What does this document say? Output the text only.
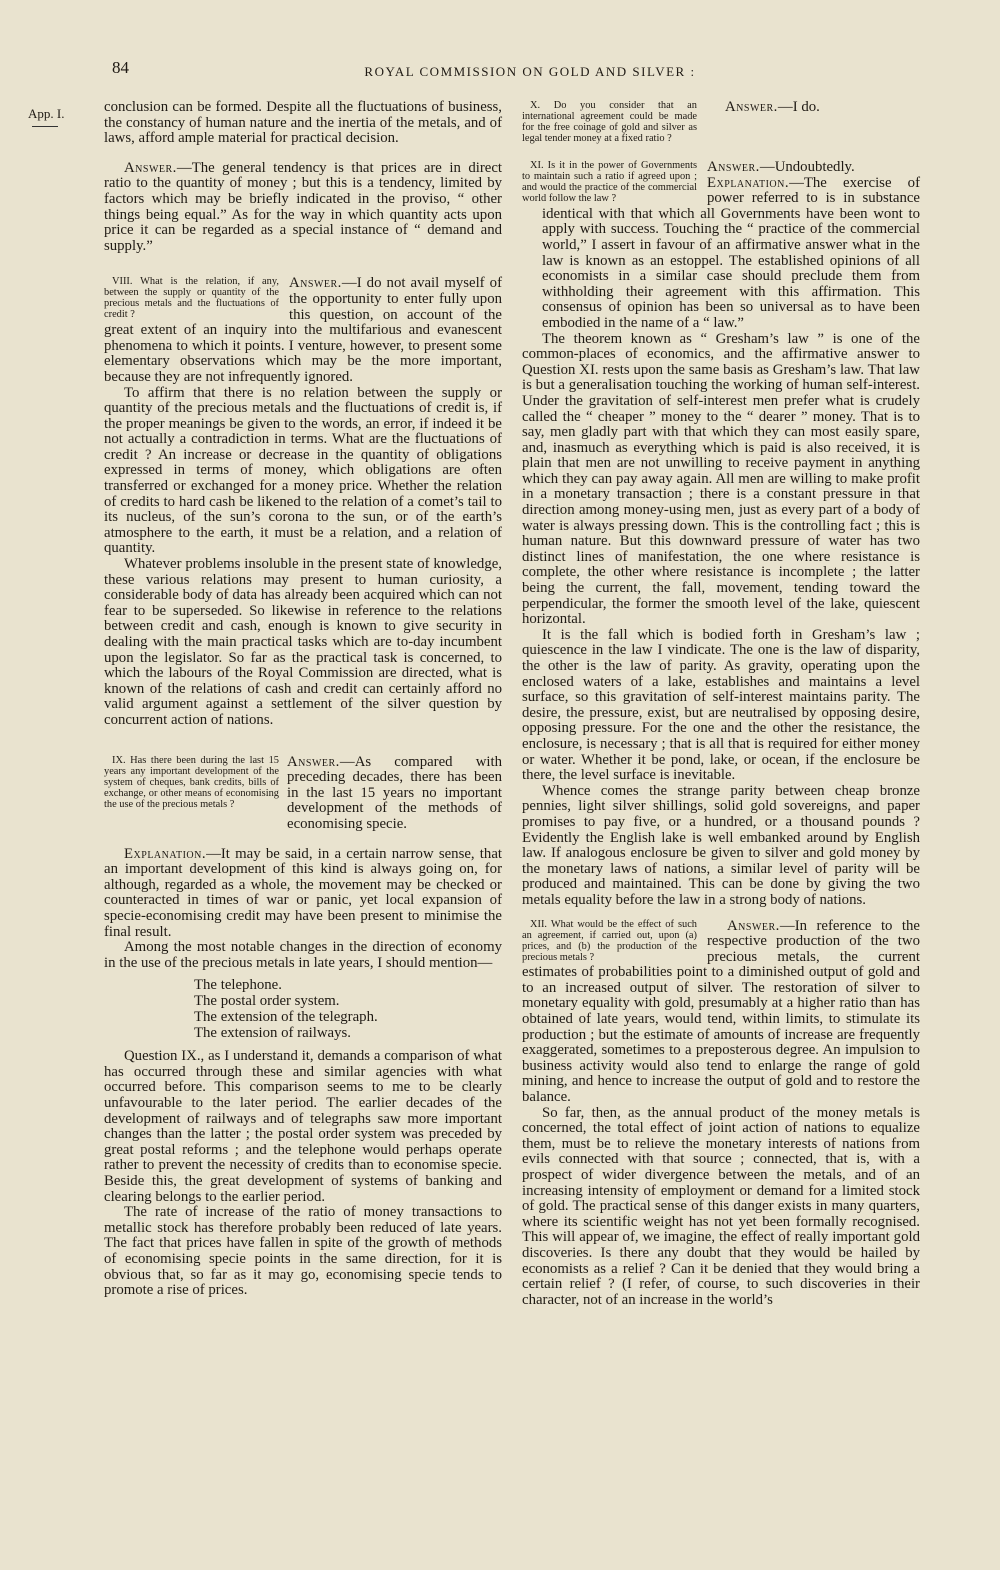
84	ROYAL COMMISSION ON GOLD AND SILVER :
App. I.	conclusion can be formed. Despite all the fluctuations of business, the constancy of human nature and the inertia of the metals, and of laws, afford ample material for practical decision.

Answer.—The general tendency is that prices are in direct ratio to the quantity of money ; but this is a tendency, limited by factors which may be briefly indicated in the proviso, “ other things being equal.” As for the way in which quantity acts upon price it can be regarded as a special instance of “ demand and supply.”

VIII. What is the relation, if any, between the supply or quantity of the precious metals and the fluctuations of credit ?

Answer.—I do not avail myself of the opportunity to enter fully upon this question, on account of the great extent of an inquiry into the multifarious and evanescent phenomena to which it points. I venture, however, to present some elementary observations which may be the more important, because they are not infrequently ignored.

To affirm that there is no relation between the supply or quantity of the precious metals and the fluctuations of credit is, if the proper meanings be given to the words, an error, if indeed it be not actually a contradiction in terms. What are the fluctuations of credit ? An increase or decrease in the quantity of obligations expressed in terms of money, which obligations are often transferred or exchanged for a money price. Whether the relation of credits to hard cash be likened to the relation of a comet’s tail to its nucleus, of the sun’s corona to the sun, or of the earth’s atmosphere to the earth, it must be a relation, and a relation of quantity.

Whatever problems insoluble in the present state of knowledge, these various relations may present to human curiosity, a considerable body of data has already been acquired which can not fear to be superseded. So likewise in reference to the relations between credit and cash, enough is known to give security in dealing with the main practical tasks which are to-day incumbent upon the legislator. So far as the practical task is concerned, to which the labours of the Royal Commission are directed, what is known of the relations of cash and credit can certainly afford no valid argument against a settlement of the silver question by concurrent action of nations.

IX. Has there been during the last 15 years any important development of the system of cheques, bank credits, bills of exchange, or other means of economising the use of the precious metals ?
Answer.—As compared with preceding decades, there has been in the last 15 years no important development of the methods of economising specie.

Explanation.—It may be said, in a certain narrow sense, that an important development of this kind is always going on, for although, regarded as a whole, the movement may be checked or counteracted in times of war or panic, yet local expansion of specie-economising credit may have been present to minimise the final result.

Among the most notable changes in the direction of economy in the use of the precious metals in late years, I should mention—

The telephone.
The postal order system.
The extension of the telegraph.
The extension of railways.

Question IX., as I understand it, demands a comparison of what has occurred through these and similar agencies with what occurred before. This comparison seems to me to be clearly unfavourable to the later period. The earlier decades of the development of railways and of telegraphs saw more important changes than the latter ; the postal order system was preceded by great postal reforms ; and the telephone would perhaps operate rather to prevent the necessity of credits than to economise specie. Beside this, the great development of systems of banking and clearing belongs to the earlier period.

The rate of increase of the ratio of money transactions to metallic stock has therefore probably been reduced of late years. The fact that prices have fallen in spite of the growth of methods of economising specie points in the same direction, for it is obvious that, so far as it may go, economising specie tends to promote a rise of prices.

X. Do you consider that an international agreement could be made for the free coinage of gold and silver as legal tender money at a fixed ratio ?
Answer.—I do.
XI. Is it in the power of Governments to maintain such a ratio if agreed upon ; and would the practice of the commercial world follow the law ?

Answer.—Undoubtedly.

Explanation.—The exercise of power referred to is in substance identical with that which all Governments have been wont to apply with success. Touching the “ practice of the commercial world,” I assert in favour of an affirmative answer what in the law is known as an estoppel. The established opinions of all economists in a similar case should preclude them from withholding their agreement with this affirmation. This consensus of opinion has been so universal as to have been embodied in the name of a “ law.”

The theorem known as “ Gresham’s law ” is one of the common-places of economics, and the affirmative answer to Question XI. rests upon the same basis as Gresham’s law. That law is but a generalisation touching the working of human self-interest. Under the gravitation of self-interest men prefer what is crudely called the “ cheaper ” money to the “ dearer ” money. That is to say, men gladly part with that which they can most easily spare, and, inasmuch as everything which is paid is also received, it is plain that men are not unwilling to receive payment in anything which they can pay away again. All men are willing to make profit in a monetary transaction ; there is a constant pressure in that direction among money-using men, just as every part of a body of water is always pressing down. This is the controlling fact ; this is human nature. But this downward pressure of water has two distinct lines of manifestation, the one where resistance is complete, the other where resistance is incomplete ; the latter being the current, the fall, movement, tending toward the perpendicular, the former the smooth level of the lake, quiescent horizontal.

It is the fall which is bodied forth in Gresham’s law ; quiescence in the law I vindicate. The one is the law of disparity, the other is the law of parity. As gravity, operating upon the enclosed waters of a lake, establishes and maintains a level surface, so this gravitation of self-interest maintains parity. The desire, the pressure, exist, but are neutralised by opposing desire, opposing pressure. For the one and the other the resistance, the enclosure, is necessary ; that is all that is required for either money or water. Whether it be pond, lake, or ocean, if the enclosure be there, the level surface is inevitable.

Whence comes the strange parity between cheap bronze pennies, light silver shillings, solid gold sovereigns, and paper promises to pay five, or a hundred, or a thousand pounds ? Evidently the English lake is well embanked around by English law. If analogous enclosure be given to silver and gold money by the monetary laws of nations, a similar level of parity will be produced and maintained. This can be done by giving the two metals equality before the law in a strong body of nations.

XII. What would be the effect of such an agreement, if carried out, upon (a) prices, and (b) the production of the precious metals ?

Answer.—In reference to the respective production of the two precious metals, the current estimates of probabilities point to a diminished output of gold and to an increased output of silver. The restoration of silver to monetary equality with gold, presumably at a higher ratio than has obtained of late years, would tend, within limits, to stimulate its production ; but the estimate of amounts of increase are frequently exaggerated, sometimes to a preposterous degree. An impulsion to business activity would also tend to enlarge the range of gold mining, and hence to increase the output of gold and to restore the balance.

So far, then, as the annual product of the money metals is concerned, the total effect of joint action of nations to equalize them, must be to relieve the monetary interests of nations from evils connected with that source ; connected, that is, with a prospect of wider divergence between the metals, and of an increasing intensity of employment or demand for a limited stock of gold. The practical sense of this danger exists in many quarters, where its scientific weight has not yet been formally recognised. This will appear of, we imagine, the effect of really important gold discoveries. Is there any doubt that they would be hailed by economists as a relief ? Can it be denied that they would bring a certain relief ? (I refer, of course, to such discoveries in their character, not of an increase in the world’s
